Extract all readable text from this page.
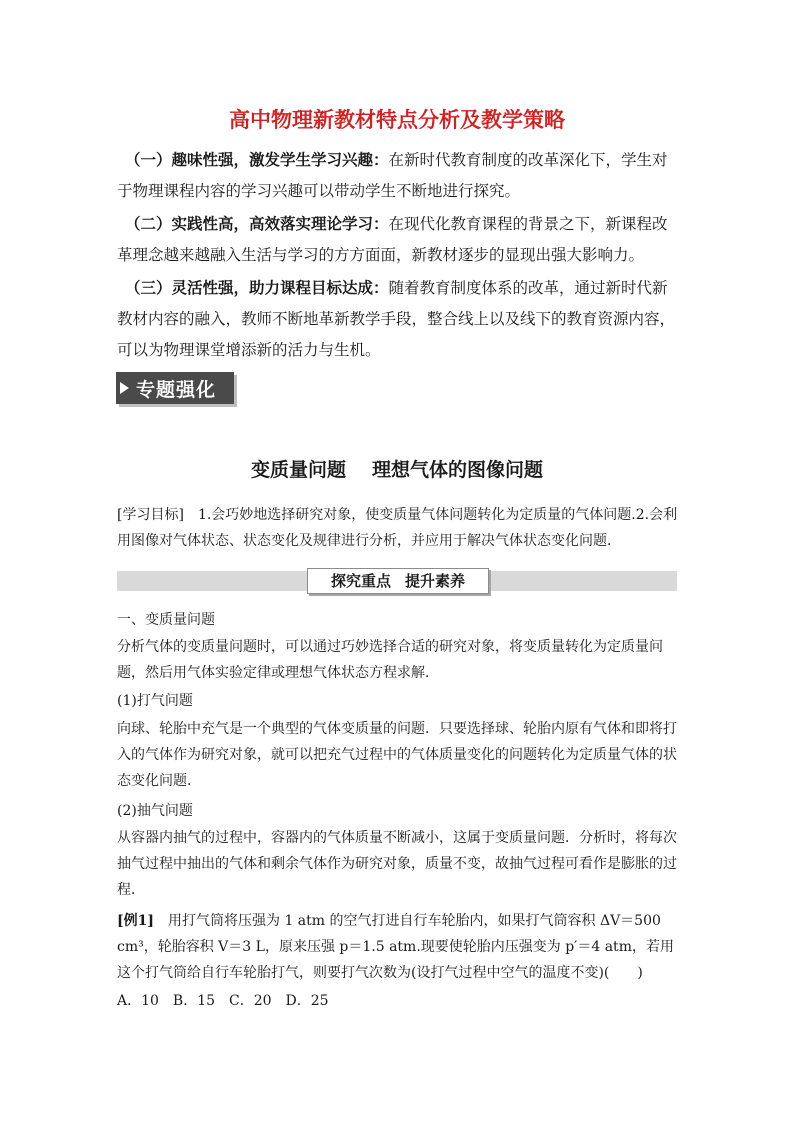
高中物理新教材特点分析及教学策略
（一）趣味性强，激发学生学习兴趣：在新时代教育制度的改革深化下，学生对于物理课程内容的学习兴趣可以带动学生不断地进行探究。
（二）实践性高，高效落实理论学习：在现代化教育课程的背景之下，新课程改革理念越来越融入生活与学习的方方面面，新教材逐步的显现出强大影响力。
（三）灵活性强，助力课程目标达成：随着教育制度体系的改革，通过新时代新教材内容的融入，教师不断地革新教学手段，整合线上以及线下的教育资源内容，可以为物理课堂增添新的活力与生机。
专题强化
变质量问题 理想气体的图像问题
[学习目标] 1.会巧妙地选择研究对象，使变质量气体问题转化为定质量的气体问题.2.会利用图像对气体状态、状态变化及规律进行分析，并应用于解决气体状态变化问题．
探究重点 提升素养
一、变质量问题
分析气体的变质量问题时，可以通过巧妙选择合适的研究对象，将变质量转化为定质量问题，然后用气体实验定律或理想气体状态方程求解．
(1)打气问题
向球、轮胎中充气是一个典型的气体变质量的问题．只要选择球、轮胎内原有气体和即将打入的气体作为研究对象，就可以把充气过程中的气体质量变化的问题转化为定质量气体的状态变化问题．
(2)抽气问题
从容器内抽气的过程中，容器内的气体质量不断减小，这属于变质量问题．分析时，将每次抽气过程中抽出的气体和剩余气体作为研究对象，质量不变，故抽气过程可看作是膨胀的过程．
[例1] 用打气筒将压强为 1 atm 的空气打进自行车轮胎内，如果打气筒容积 ΔV＝500 cm³，轮胎容积 V＝3 L，原来压强 p＝1.5 atm.现要使轮胎内压强变为 p′＝4 atm，若用这个打气筒给自行车轮胎打气，则要打气次数为(设打气过程中空气的温度不变)(　　)
A．10　B．15　C．20　D．25
